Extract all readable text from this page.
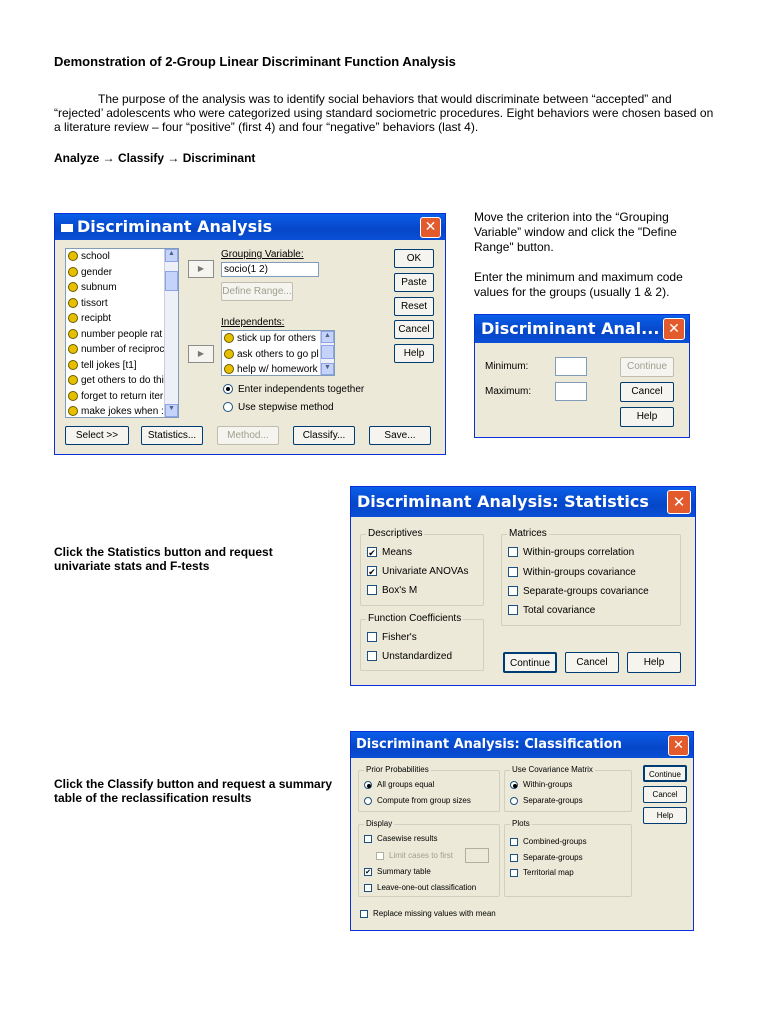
Demonstration of 2-Group Linear Discriminant Function Analysis
The purpose of the analysis was to identify social behaviors that would discriminate between “accepted” and “rejected’ adolescents who were categorized using standard sociometric procedures. Eight behaviors were chosen based on a literature review – four “positive” (first 4) and four “negative” behaviors (last 4).
Analyze → Classify → Discriminant
Move the criterion into the “Grouping Variable” window and click the "Define Range" button.
Enter the minimum and maximum code values for the groups (usually 1 & 2).
Click the Statistics button and request univariate stats and F-tests
Click the Classify button and request a summary table of the reclassification results
Discriminant Analysis	✕
school
gender
subnum
tissort
recipbt
number people rat
number of reciproc
tell jokes [t1]
get others to do thi
forget to return iter
make jokes when :
▲
▼
▶
▶
Grouping Variable:
socio(1 2)
Define Range...
Independents:
stick up for others
ask others to go pl
help w/ homework
▲
▼
Enter independents together
Use stepwise method
OK
Paste
Reset
Cancel
Help
Select >>	Statistics...	Method...	Classify...	Save...
Discriminant Anal... ✕
Minimum:
Maximum:
Continue
Cancel
Help
Discriminant Analysis: Statistics	✕
Descriptives
✔ Means
✔ Univariate ANOVAs
Box's M
Function Coefficients
Fisher's
Unstandardized
Matrices
Within-groups correlation
Within-groups covariance
Separate-groups covariance
Total covariance
Continue	Cancel	Help
Discriminant Analysis: Classification	✕
Prior Probabilities
All groups equal
Compute from group sizes
Use Covariance Matrix
Within-groups
Separate-groups
Continue
Cancel
Help
Display
Casewise results
Limit cases to first
✔ Summary table
Leave-one-out classification
Plots
Combined-groups
Separate-groups
Territorial map
Replace missing values with mean
